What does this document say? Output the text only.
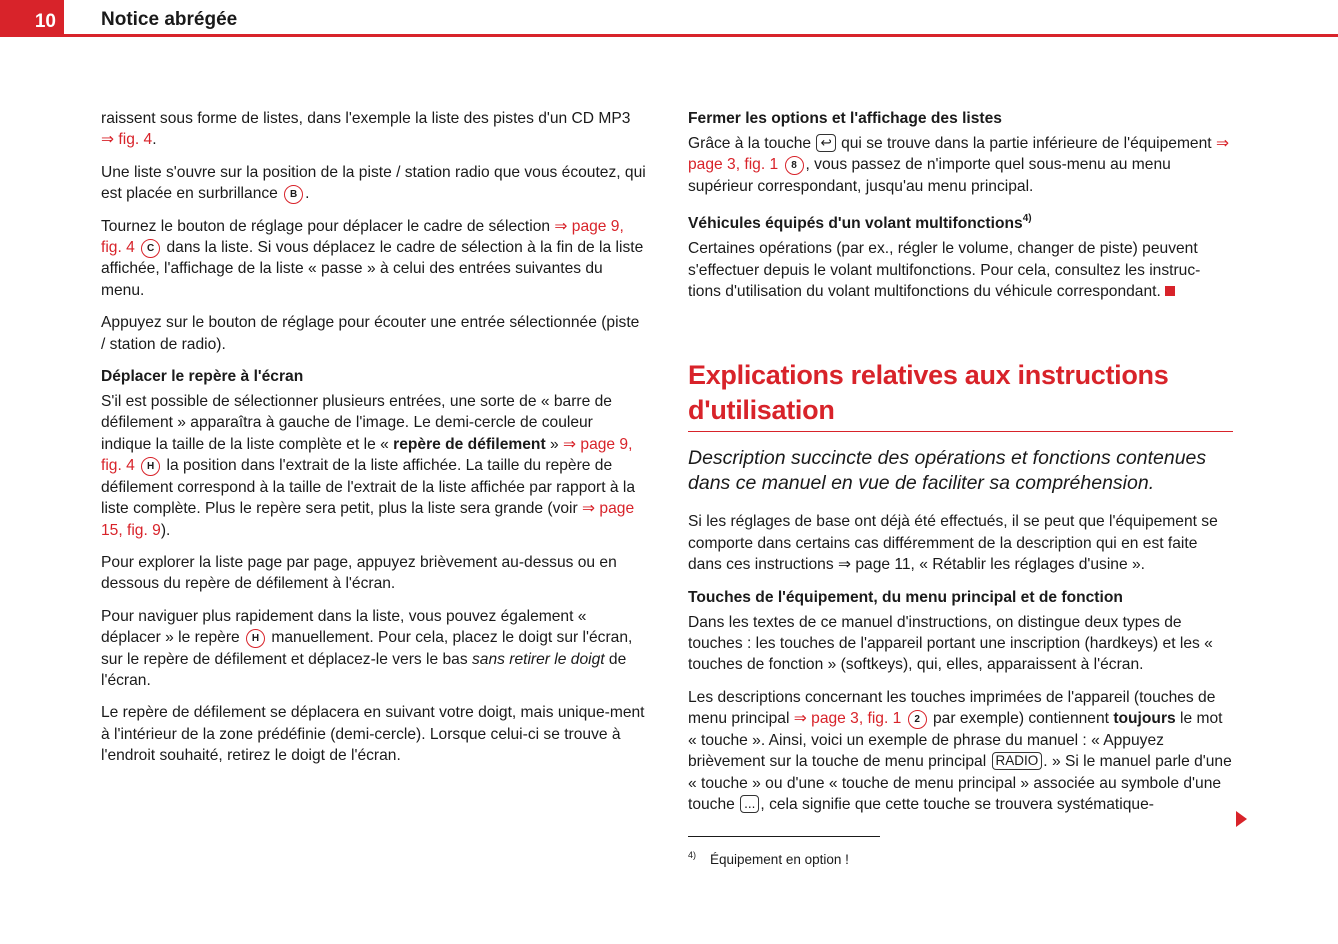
10	Notice abrégée

raissent sous forme de listes, dans l'exemple la liste des pistes d'un CD MP3 ⇒ fig. 4.

Une liste s'ouvre sur la position de la piste / station radio que vous écoutez, qui est placée en surbrillance B .

Tournez le bouton de réglage pour déplacer le cadre de sélection ⇒ page 9, fig. 4 C dans la liste. Si vous déplacez le cadre de sélection à la fin de la liste affichée, l'affichage de la liste « passe » à celui des entrées suivantes du menu.

Appuyez sur le bouton de réglage pour écouter une entrée sélectionnée (piste / station de radio).

Déplacer le repère à l'écran

S'il est possible de sélectionner plusieurs entrées, une sorte de « barre de défilement » apparaîtra à gauche de l'image. Le demi-cercle de couleur indique la taille de la liste complète et le « repère de défilement » ⇒ page 9, fig. 4 H la position dans l'extrait de la liste affichée. La taille du repère de défilement correspond à la taille de l'extrait de la liste affichée par rapport à la liste complète. Plus le repère sera petit, plus la liste sera grande (voir ⇒ page 15, fig. 9).

Pour explorer la liste page par page, appuyez brièvement au-dessus ou en dessous du repère de défilement à l'écran.

Pour naviguer plus rapidement dans la liste, vous pouvez également « déplacer » le repère H manuellement. Pour cela, placez le doigt sur l'écran, sur le repère de défilement et déplacez-le vers le bas sans retirer le doigt de l'écran.

Le repère de défilement se déplacera en suivant votre doigt, mais unique-ment à l'intérieur de la zone prédéfinie (demi-cercle). Lorsque celui-ci se trouve à l'endroit souhaité, retirez le doigt de l'écran.

Fermer les options et l'affichage des listes

Grâce à la touche ↩ qui se trouve dans la partie inférieure de l'équipement ⇒ page 3, fig. 1 8 , vous passez de n'importe quel sous-menu au menu supérieur correspondant, jusqu'au menu principal.

Véhicules équipés d'un volant multifonctions$^{4)}$

Certaines opérations (par ex., régler le volume, changer de piste) peuvent s'effectuer depuis le volant multifonctions. Pour cela, consultez les instruc-tions d'utilisation du volant multifonctions du véhicule correspondant.

Explications relatives aux instructions d'utilisation

Description succincte des opérations et fonctions contenues dans ce manuel en vue de faciliter sa compréhension.

Si les réglages de base ont déjà été effectués, il se peut que l'équipement se comporte dans certains cas différemment de la description qui en est faite dans ces instructions ⇒ page 11, « Rétablir les réglages d'usine ».

Touches de l'équipement, du menu principal et de fonction

Dans les textes de ce manuel d'instructions, on distingue deux types de touches : les touches de l'appareil portant une inscription (hardkeys) et les « touches de fonction » (softkeys), qui, elles, apparaissent à l'écran.

Les descriptions concernant les touches imprimées de l'appareil (touches de menu principal ⇒ page 3, fig. 1 2 par exemple) contiennent toujours le mot « touche ». Ainsi, voici un exemple de phrase du manuel : « Appuyez brièvement sur la touche de menu principal RADIO . » Si le manuel parle d'une « touche » ou d'une « touche de menu principal » associée au symbole d'une touche ... , cela signifie que cette touche se trouvera systématique-

$^{4)}$ Équipement en option !
